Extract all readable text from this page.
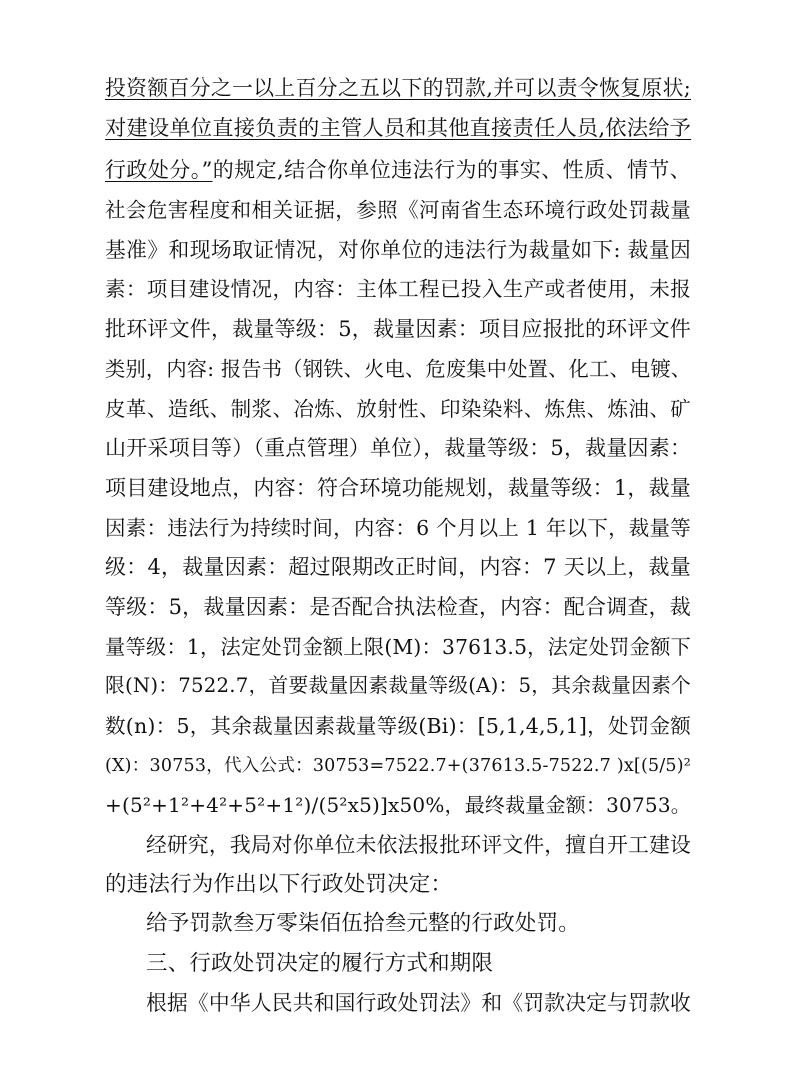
投资额百分之一以上百分之五以下的罚款,并可以责令恢复原状;
对建设单位直接负责的主管人员和其他直接责任人员,依法给予
行政处分。”的规定,结合你单位违法行为的事实、性质、情节、
社会危害程度和相关证据，参照《河南省生态环境行政处罚裁量
基准》和现场取证情况，对你单位的违法行为裁量如下: 裁量因
素：项目建设情况，内容：主体工程已投入生产或者使用，未报
批环评文件，裁量等级：5，裁量因素：项目应报批的环评文件
类别，内容: 报告书（钢铁、火电、危废集中处置、化工、电镀、
皮革、造纸、制浆、冶炼、放射性、印染染料、炼焦、炼油、矿
山开采项目等）（重点管理）单位），裁量等级：5，裁量因素：
项目建设地点，内容：符合环境功能规划，裁量等级：1，裁量
因素：违法行为持续时间，内容：6 个月以上 1 年以下，裁量等
级：4，裁量因素：超过限期改正时间，内容：7 天以上，裁量
等级：5，裁量因素：是否配合执法检查，内容：配合调查，裁
量等级：1，法定处罚金额上限(M)：37613.5，法定处罚金额下
限(N)：7522.7，首要裁量因素裁量等级(A)：5，其余裁量因素个
数(n)：5，其余裁量因素裁量等级(Bi)：[5,1,4,5,1]，处罚金额
(X)：30753，代入公式：30753=7522.7+(37613.5-7522.7 )x[(5/5)²
+(5²+1²+4²+5²+1²)/(5²x5)]x50%，最终裁量金额：30753。
经研究，我局对你单位未依法报批环评文件，擅自开工建设
的违法行为作出以下行政处罚决定：
给予罚款叁万零柒佰伍拾叁元整的行政处罚。
三、行政处罚决定的履行方式和期限
根据《中华人民共和国行政处罚法》和《罚款决定与罚款收
